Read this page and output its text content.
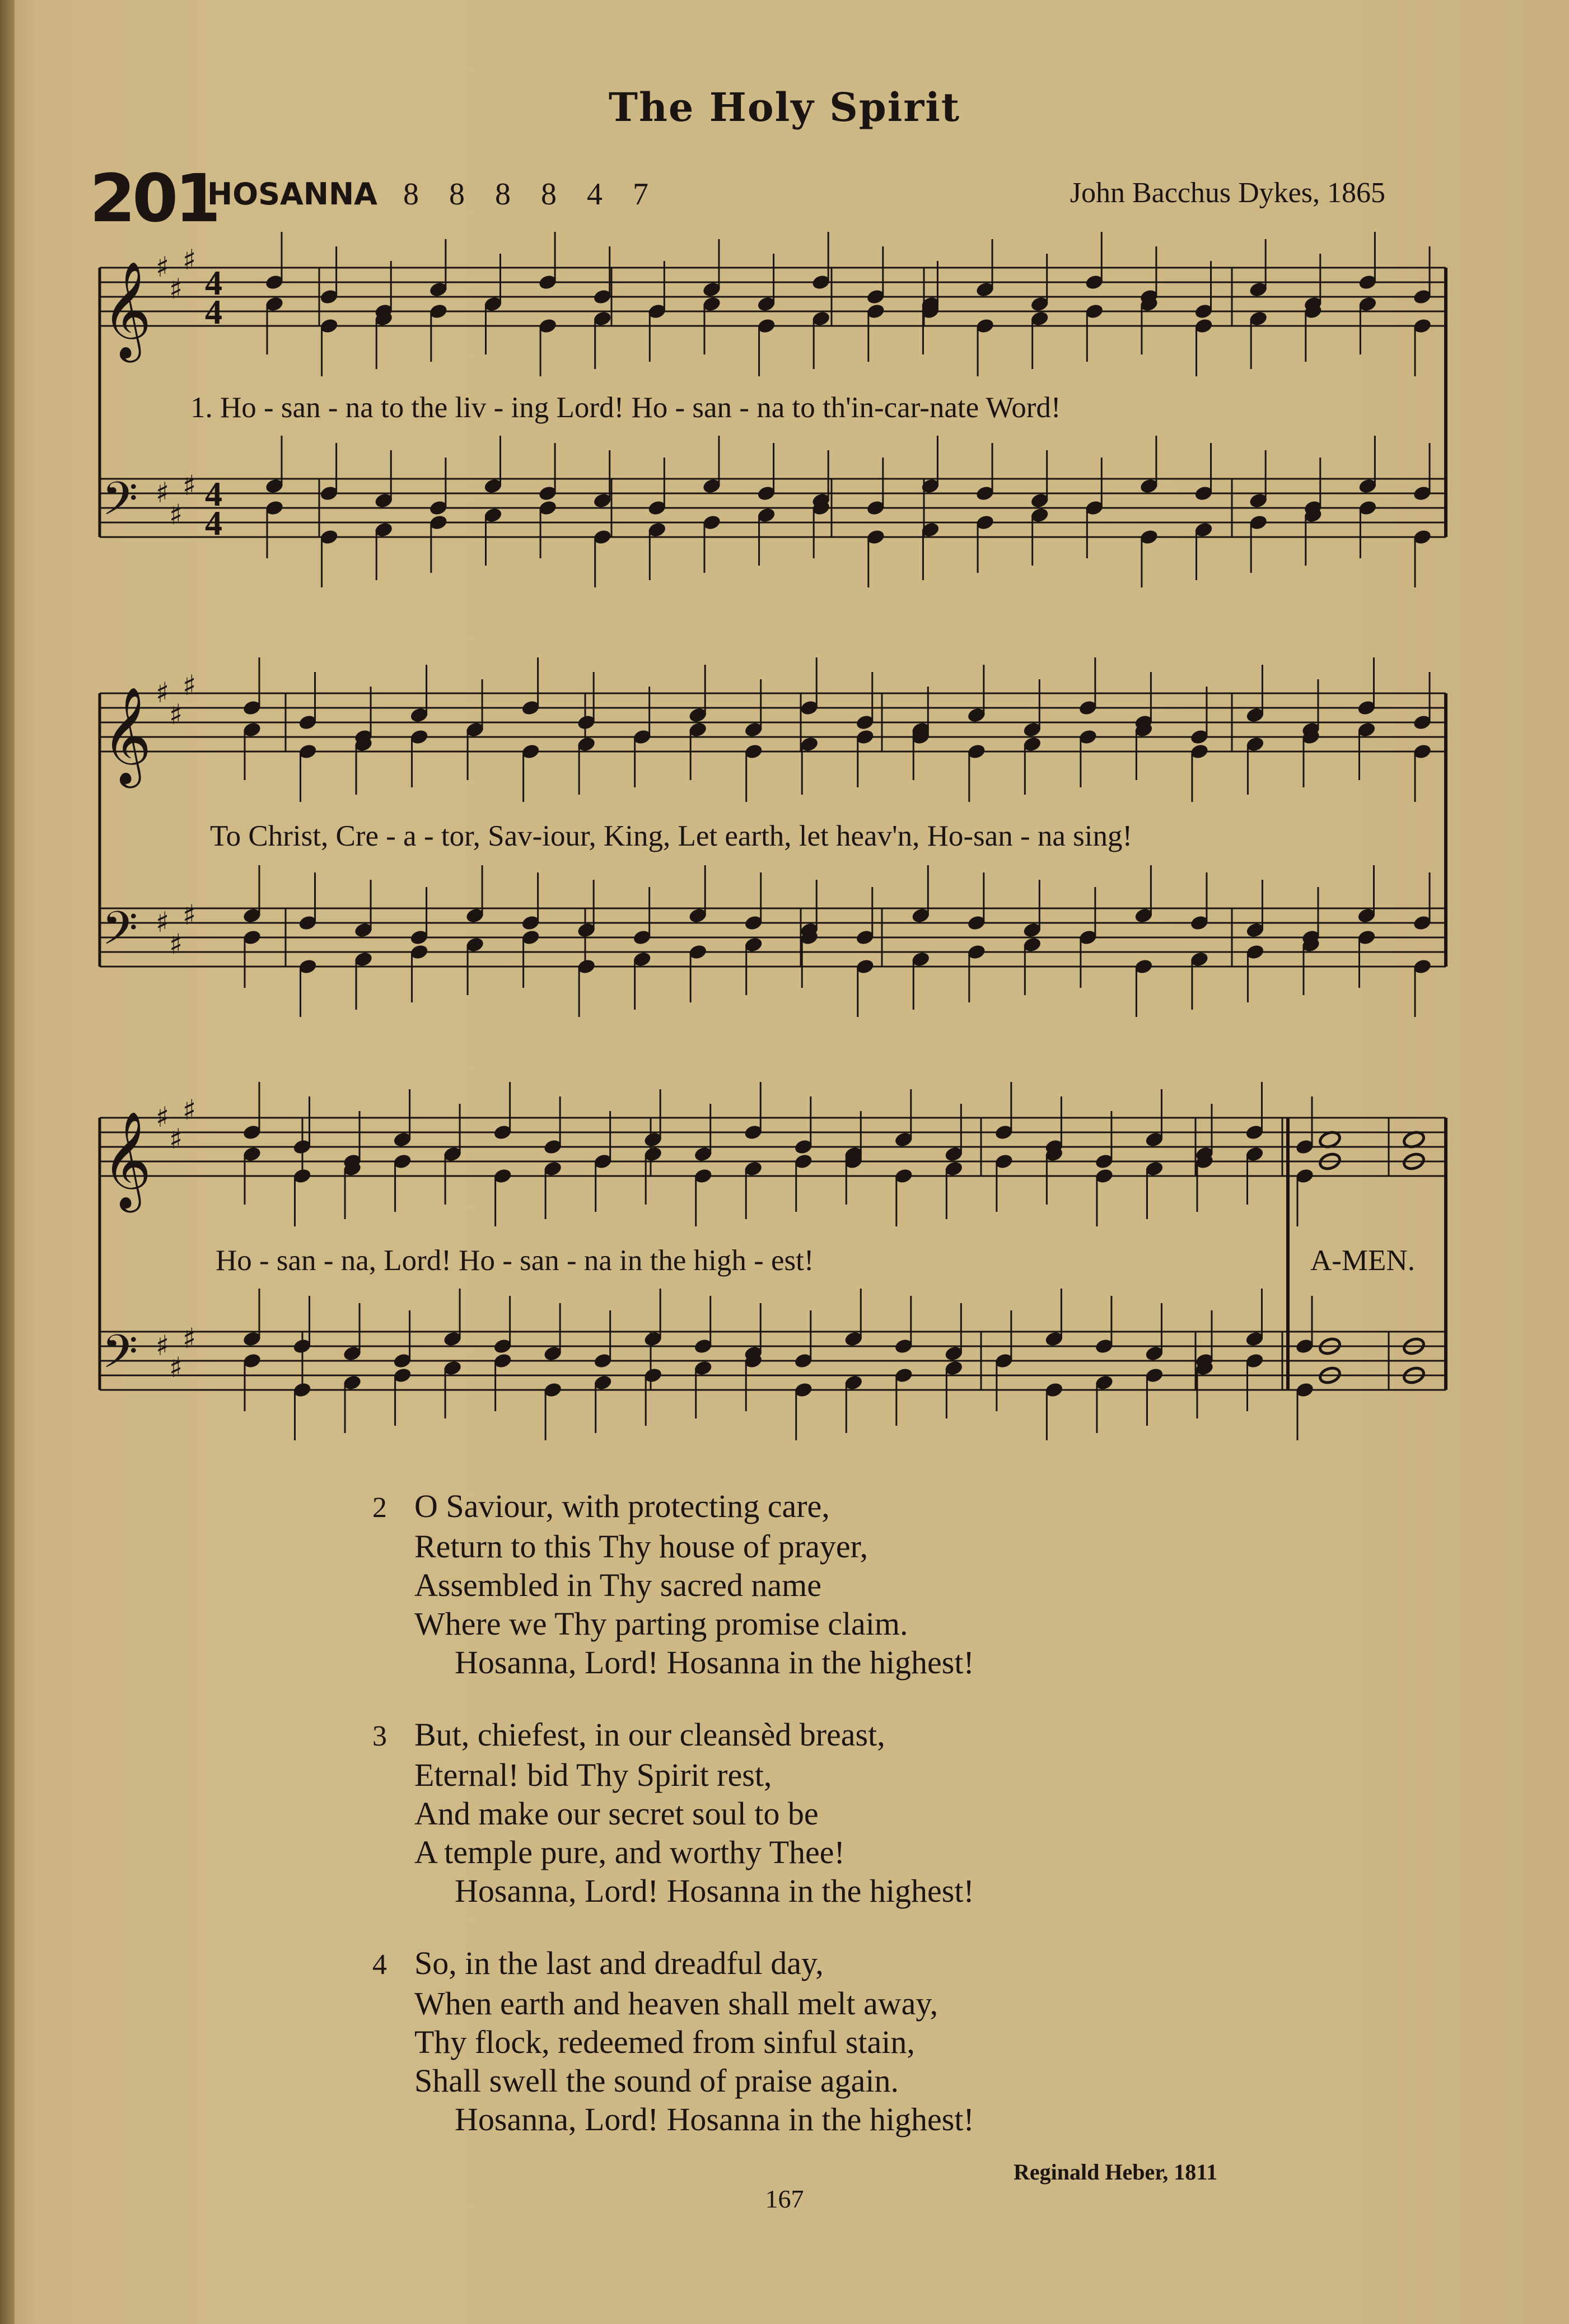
The Holy Spirit
201
HOSANNA 8 8 8 8 4 7	John Bacchus Dykes, 1865
𝄞 ♯
♯
♯
𝄢 ♯
♯
♯
4
4
4
4
𝄞 ♯
♯
♯
𝄢 ♯
♯
♯
𝄞 ♯
♯
♯
𝄢 ♯
♯
♯
1. Ho - san - na to the liv - ing Lord! Ho - san - na to th'in-car-nate Word!
To Christ, Cre - a - tor, Sav-iour, King, Let earth, let heav'n, Ho-san - na sing!
Ho - san - na, Lord! Ho - san - na in the high - est!	A-MEN.
2 O Saviour, with protecting care,
Return to this Thy house of prayer,
Assembled in Thy sacred name
Where we Thy parting promise claim.
Hosanna, Lord! Hosanna in the highest!
3 But, chiefest, in our cleansèd breast,
Eternal! bid Thy Spirit rest,
And make our secret soul to be
A temple pure, and worthy Thee!
Hosanna, Lord! Hosanna in the highest!
4 So, in the last and dreadful day,
When earth and heaven shall melt away,
Thy flock, redeemed from sinful stain,
Shall swell the sound of praise again.
Hosanna, Lord! Hosanna in the highest!
Reginald Heber, 1811
167
